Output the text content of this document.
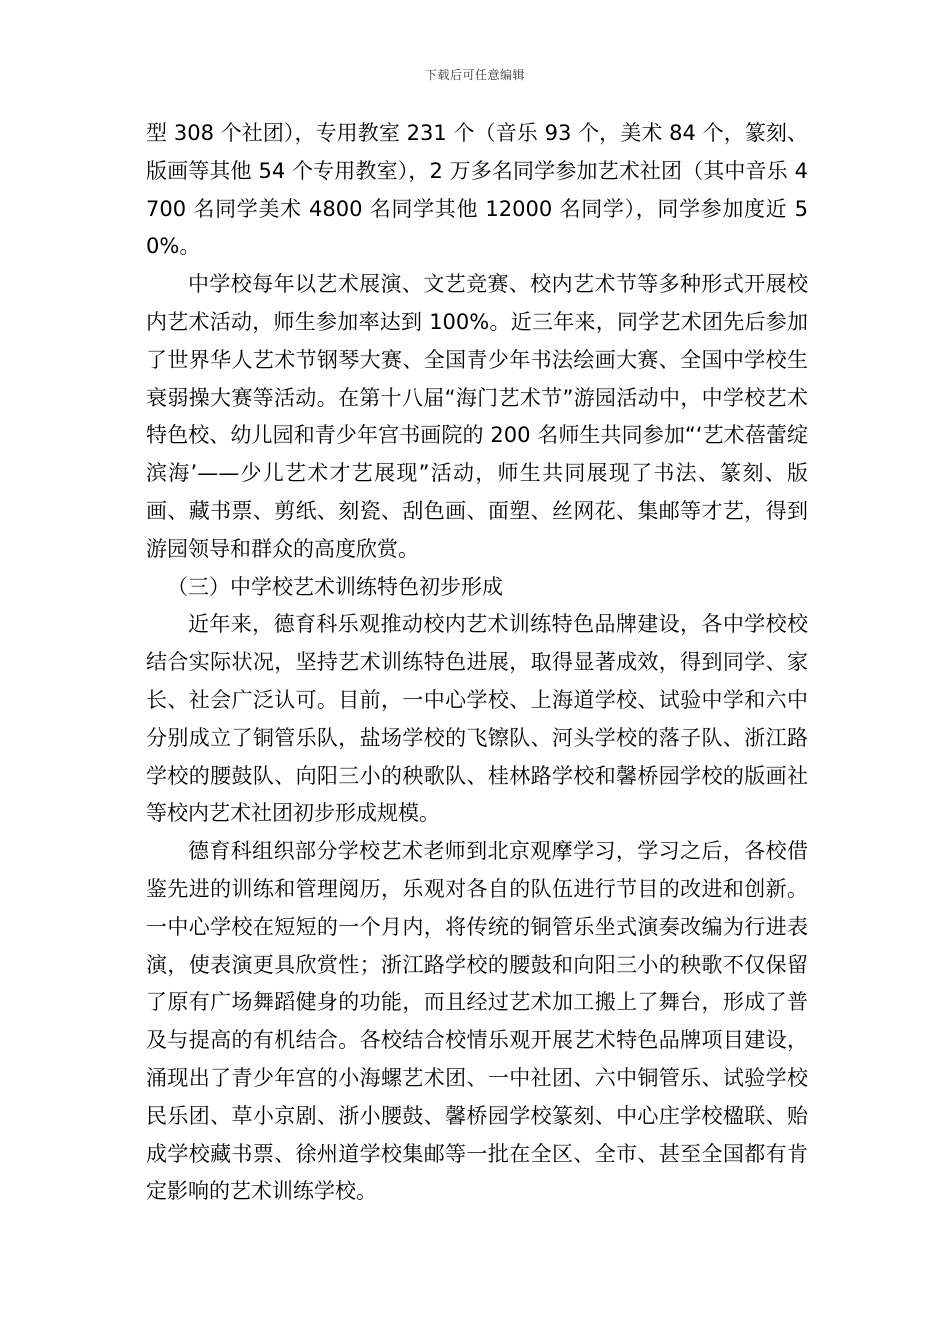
下载后可任意编辑

型 308 个社团），专用教室 231 个（音乐 93 个，美术 84 个，篆刻、版画等其他 54 个专用教室），2 万多名同学参加艺术社团（其中音乐 4700 名同学美术 4800 名同学其他 12000 名同学），同学参加度近 50%。

中学校每年以艺术展演、文艺竞赛、校内艺术节等多种形式开展校内艺术活动，师生参加率达到 100%。近三年来，同学艺术团先后参加了世界华人艺术节钢琴大赛、全国青少年书法绘画大赛、全国中学校生衰弱操大赛等活动。在第十八届“海门艺术节”游园活动中，中学校艺术特色校、幼儿园和青少年宫书画院的 200 名师生共同参加“‘艺术蓓蕾绽滨海’——少儿艺术才艺展现”活动，师生共同展现了书法、篆刻、版画、藏书票、剪纸、刻瓷、刮色画、面塑、丝网花、集邮等才艺，得到游园领导和群众的高度欣赏。

（三）中学校艺术训练特色初步形成

近年来，德育科乐观推动校内艺术训练特色品牌建设，各中学校校结合实际状况，坚持艺术训练特色进展，取得显著成效，得到同学、家长、社会广泛认可。目前，一中心学校、上海道学校、试验中学和六中分别成立了铜管乐队，盐场学校的飞镲队、河头学校的落子队、浙江路学校的腰鼓队、向阳三小的秧歌队、桂林路学校和馨桥园学校的版画社等校内艺术社团初步形成规模。

德育科组织部分学校艺术老师到北京观摩学习，学习之后，各校借鉴先进的训练和管理阅历，乐观对各自的队伍进行节目的改进和创新。一中心学校在短短的一个月内，将传统的铜管乐坐式演奏改编为行进表演，使表演更具欣赏性；浙江路学校的腰鼓和向阳三小的秧歌不仅保留了原有广场舞蹈健身的功能，而且经过艺术加工搬上了舞台，形成了普及与提高的有机结合。各校结合校情乐观开展艺术特色品牌项目建设，涌现出了青少年宫的小海螺艺术团、一中社团、六中铜管乐、试验学校民乐团、草小京剧、浙小腰鼓、馨桥园学校篆刻、中心庄学校楹联、贻成学校藏书票、徐州道学校集邮等一批在全区、全市、甚至全国都有肯定影响的艺术训练学校。
